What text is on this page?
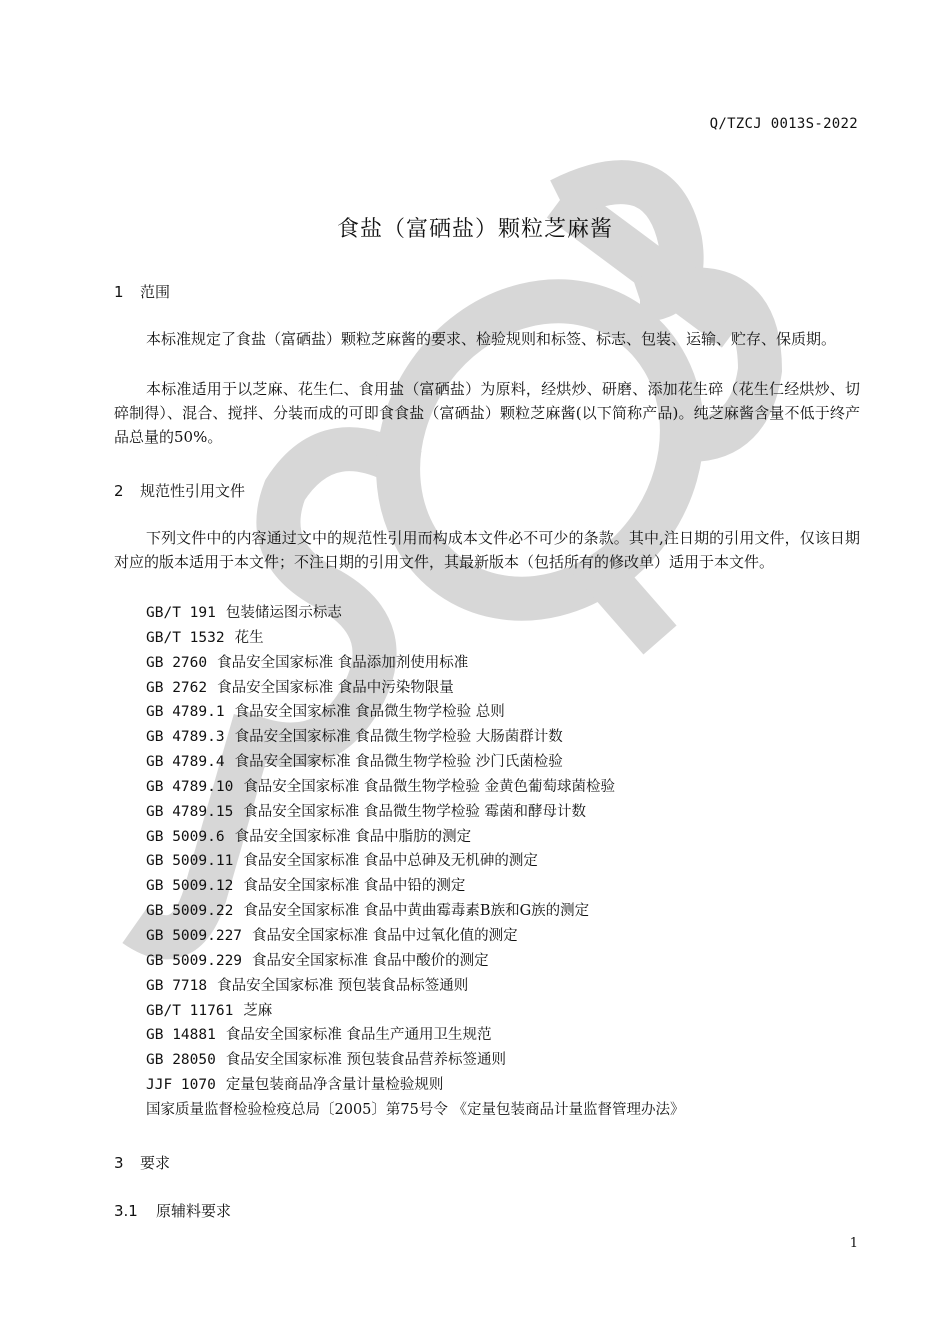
Q/TZCJ 0013S-2022
食盐（富硒盐）颗粒芝麻酱
1 范围

本标准规定了食盐（富硒盐）颗粒芝麻酱的要求、检验规则和标签、标志、包装、运输、贮存、保质期。

本标准适用于以芝麻、花生仁、食用盐（富硒盐）为原料，经烘炒、研磨、添加花生碎（花生仁经烘炒、切碎制得）、混合、搅拌、分装而成的可即食食盐（富硒盐）颗粒芝麻酱(以下简称产品)。纯芝麻酱含量不低于终产品总量的50%。

2 规范性引用文件

下列文件中的内容通过文中的规范性引用而构成本文件必不可少的条款。其中,注日期的引用文件，仅该日期对应的版本适用于本文件；不注日期的引用文件，其最新版本（包括所有的修改单）适用于本文件。

GB/T 191 包装储运图示标志
GB/T 1532 花生
GB 2760 食品安全国家标准 食品添加剂使用标准
GB 2762 食品安全国家标准 食品中污染物限量
GB 4789.1 食品安全国家标准 食品微生物学检验 总则
GB 4789.3 食品安全国家标准 食品微生物学检验 大肠菌群计数
GB 4789.4 食品安全国家标准 食品微生物学检验 沙门氏菌检验
GB 4789.10 食品安全国家标准 食品微生物学检验 金黄色葡萄球菌检验
GB 4789.15 食品安全国家标准 食品微生物学检验 霉菌和酵母计数
GB 5009.6 食品安全国家标准 食品中脂肪的测定
GB 5009.11 食品安全国家标准 食品中总砷及无机砷的测定
GB 5009.12 食品安全国家标准 食品中铅的测定
GB 5009.22 食品安全国家标准 食品中黄曲霉毒素B族和G族的测定
GB 5009.227 食品安全国家标准 食品中过氧化值的测定
GB 5009.229 食品安全国家标准 食品中酸价的测定
GB 7718 食品安全国家标准 预包装食品标签通则
GB/T 11761 芝麻
GB 14881 食品安全国家标准 食品生产通用卫生规范
GB 28050 食品安全国家标准 预包装食品营养标签通则
JJF 1070 定量包装商品净含量计量检验规则
国家质量监督检验检疫总局〔2005〕第75号令 《定量包装商品计量监督管理办法》
3 要求
3.1 原辅料要求
1
